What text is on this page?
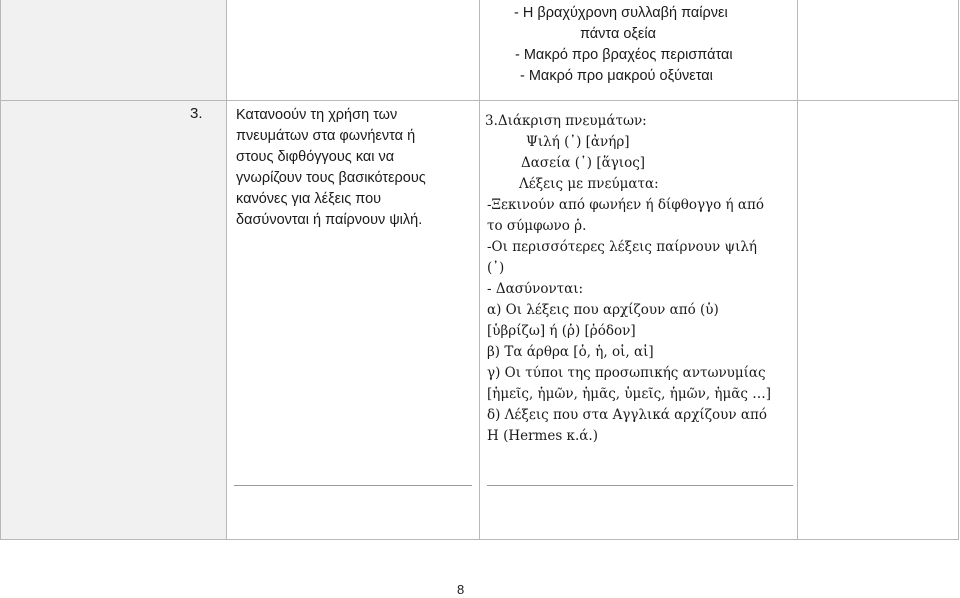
- Η βραχύχρονη συλλαβή παίρνει
πάντα οξεία
- Μακρό προ βραχέος περισπάται
- Μακρό προ μακρού οξύνεται
3. Κατανοούν τη χρήση των
πνευμάτων στα φωνήεντα ή
στους διφθόγγους και να
γνωρίζουν τους βασικότερους
κανόνες για λέξεις που
δασύνονται ή παίρνουν ψιλή.
3.Διάκριση πνευμάτων:
Ψιλή (᾿) [ἀνήρ]
Δασεία (῾) [ἅγιος]
Λέξεις με πνεύματα:
-Ξεκινούν από φωνήεν ή δίφθογγο ή από
το σύμφωνο ῥ.
-Οι περισσότερες λέξεις παίρνουν ψιλή
(᾿)
- Δασύνονται:
α) Οι λέξεις που αρχίζουν από (ὑ)
[ὑβρίζω] ή (ῥ) [ῥόδον]
β) Τα άρθρα [ὁ, ἡ, οἱ, αἱ]
γ) Οι τύποι της προσωπικής αντωνυμίας
[ἡμεῖς, ἡμῶν, ἡμᾶς, ὑμεῖς, ἡμῶν, ἡμᾶς …]
δ) Λέξεις που στα Αγγλικά αρχίζουν από
Η (Hermes κ.ά.)
8
